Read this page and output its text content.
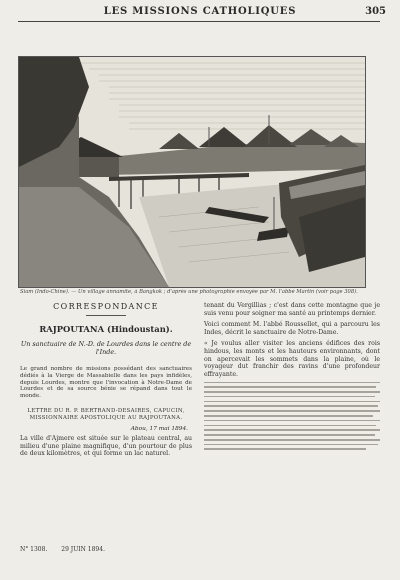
LES MISSIONS CATHOLIQUES	305
Siam (Indo-Chine). — Un village annamite, à Bangkok ; d'après une photographie envoyée par M. l'abbé Martin (voir page 308).
CORRESPONDANCE
RAJPOUTANA (Hindoustan).
Un sanctuaire de N.-D. de Lourdes dans le centre de l'Inde.

Le grand nombre de missions possédant des sanctuaires dédiés à la Vierge de Massabielle dans les pays infidèles, depuis Lourdes, montre que l'invocation à Notre-Dame de Lourdes et de sa source bénie se répand dans tout le monde.

LETTRE DU R. P. BERTRAND-DESAIRES, CAPUCIN, MISSIONNAIRE APOSTOLIQUE AU RAJPOUTANA.
Abou, 17 mai 1894.

La ville d'Ajmere est située sur le plateau central, au milieu d'une plaine magnifique, d'un pourtour de plus de deux kilomètres, et qui forme un lac naturel.

tenant du Vergillias ; c'est dans cette montagne que je suis venu pour soigner ma santé au printemps dernier.

Voici comment M. l'abbé Roussellet, qui a parcouru les Indes, décrit le sanctuaire de Notre-Dame.

« Je voulus aller visiter les anciens édifices des rois hindous, les monts et les hauteurs environnants, dont on apercevait les sommets dans la plaine, où le voyageur dut franchir des ravins d'une profondeur effrayante.

N° 1308. 29 JUIN 1894.
